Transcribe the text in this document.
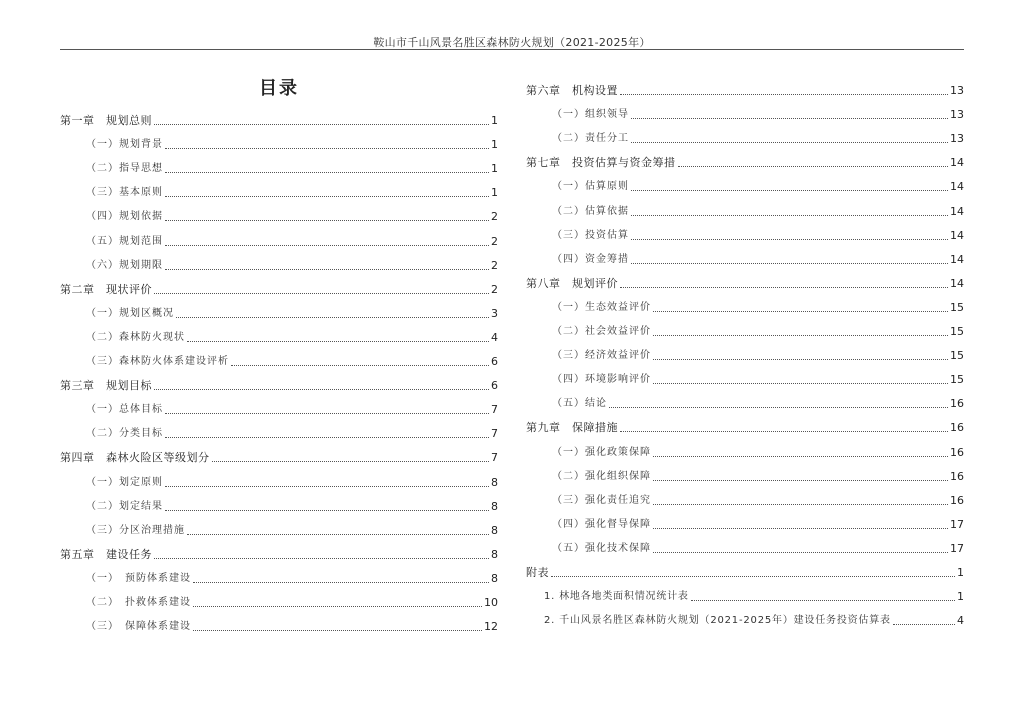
鞍山市千山风景名胜区森林防火规划（2021-2025年）
目录
第一章　规划总则	1
（一）规划背景	1
（二）指导思想	1
（三）基本原则	1
（四）规划依据	2
（五）规划范围	2
（六）规划期限	2
第二章　现状评价	2
（一）规划区概况	3
（二）森林防火现状	4
（三）森林防火体系建设评析	6
第三章　规划目标	6
（一）总体目标	7
（二）分类目标	7
第四章　森林火险区等级划分	7
（一）划定原则	8
（二）划定结果	8
（三）分区治理措施	8
第五章　建设任务	8
（一）　预防体系建设	8
（二）　扑救体系建设	10
（三）　保障体系建设	12
第六章　机构设置	13
（一）组织领导	13
（二）责任分工	13
第七章　投资估算与资金筹措	14
（一）估算原则	14
（二）估算依据	14
（三）投资估算	14
（四）资金筹措	14
第八章　规划评价	14
（一）生态效益评价	15
（二）社会效益评价	15
（三）经济效益评价	15
（四）环境影响评价	15
（五）结论	16
第九章　保障措施	16
（一）强化政策保障	16
（二）强化组织保障	16
（三）强化责任追究	16
（四）强化督导保障	17
（五）强化技术保障	17
附表	1
1. 林地各地类面积情况统计表	1
2. 千山风景名胜区森林防火规划（2021-2025年）建设任务投资估算表	4
